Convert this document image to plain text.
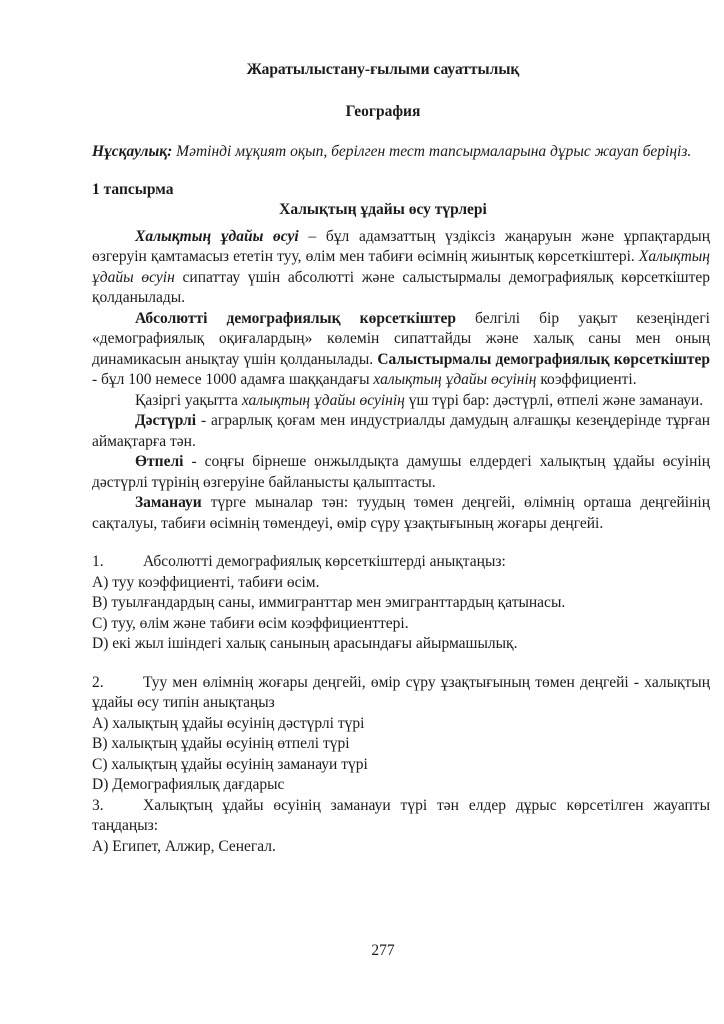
Жаратылыстану-ғылыми сауаттылық
География

Нұсқаулық: Мәтінді мұқият оқып, берілген тест тапсырмаларына дұрыс жауап беріңіз.

1 тапсырма
Халықтың ұдайы өсу түрлері

Халықтың ұдайы өсуі – бұл адамзаттың үздіксіз жаңаруын және ұрпақтардың өзгеруін қамтамасыз ететін туу, өлім мен табиғи өсімнің жиынтық көрсеткіштері. Халықтың ұдайы өсуін сипаттау үшін абсолютті және салыстырмалы демографиялық көрсеткіштер қолданылады.

Абсолютті демографиялық көрсеткіштер белгілі бір уақыт кезеңіндегі «демографиялық оқиғалардың» көлемін сипаттайды және халық саны мен оның динамикасын анықтау үшін қолданылады. Салыстырмалы демографиялық көрсеткіштер - бұл 100 немесе 1000 адамға шаққандағы халықтың ұдайы өсуінің коэффициенті.

Қазіргі уақытта халықтың ұдайы өсуінің үш түрі бар: дәстүрлі, өтпелі және заманауи.

Дәстүрлі - аграрлық қоғам мен индустриалды дамудың алғашқы кезеңдерінде тұрған аймақтарға тән.

Өтпелі - соңғы бірнеше онжылдықта дамушы елдердегі халықтың ұдайы өсуінің дәстүрлі түрінің өзгеруіне байланысты қалыптасты.

Заманауи түрге мыналар тән: туудың төмен деңгейі, өлімнің орташа деңгейінің сақталуы, табиғи өсімнің төмендеуі, өмір сүру ұзақтығының жоғары деңгейі.

1.	Абсолютті демографиялық көрсеткіштерді анықтаңыз:

A) туу коэффициенті, табиғи өсім.
B) туылғандардың саны, иммигранттар мен эмигранттардың қатынасы.
C) туу, өлім және табиғи өсім коэффициенттері.
D) екі жыл ішіндегі халық санының арасындағы айырмашылық.

2.	Туу мен өлімнің жоғары деңгейі, өмір сүру ұзақтығының төмен деңгейі - халықтың ұдайы өсу типін анықтаңыз

A) халықтың ұдайы өсуінің дәстүрлі түрі
B) халықтың ұдайы өсуінің өтпелі түрі
C) халықтың ұдайы өсуінің заманауи түрі
D) Демографиялық дағдарыс

3.	Халықтың ұдайы өсуінің заманауи түрі тән елдер дұрыс көрсетілген жауапты таңдаңыз:

A) Египет, Алжир, Сенегал.
277
